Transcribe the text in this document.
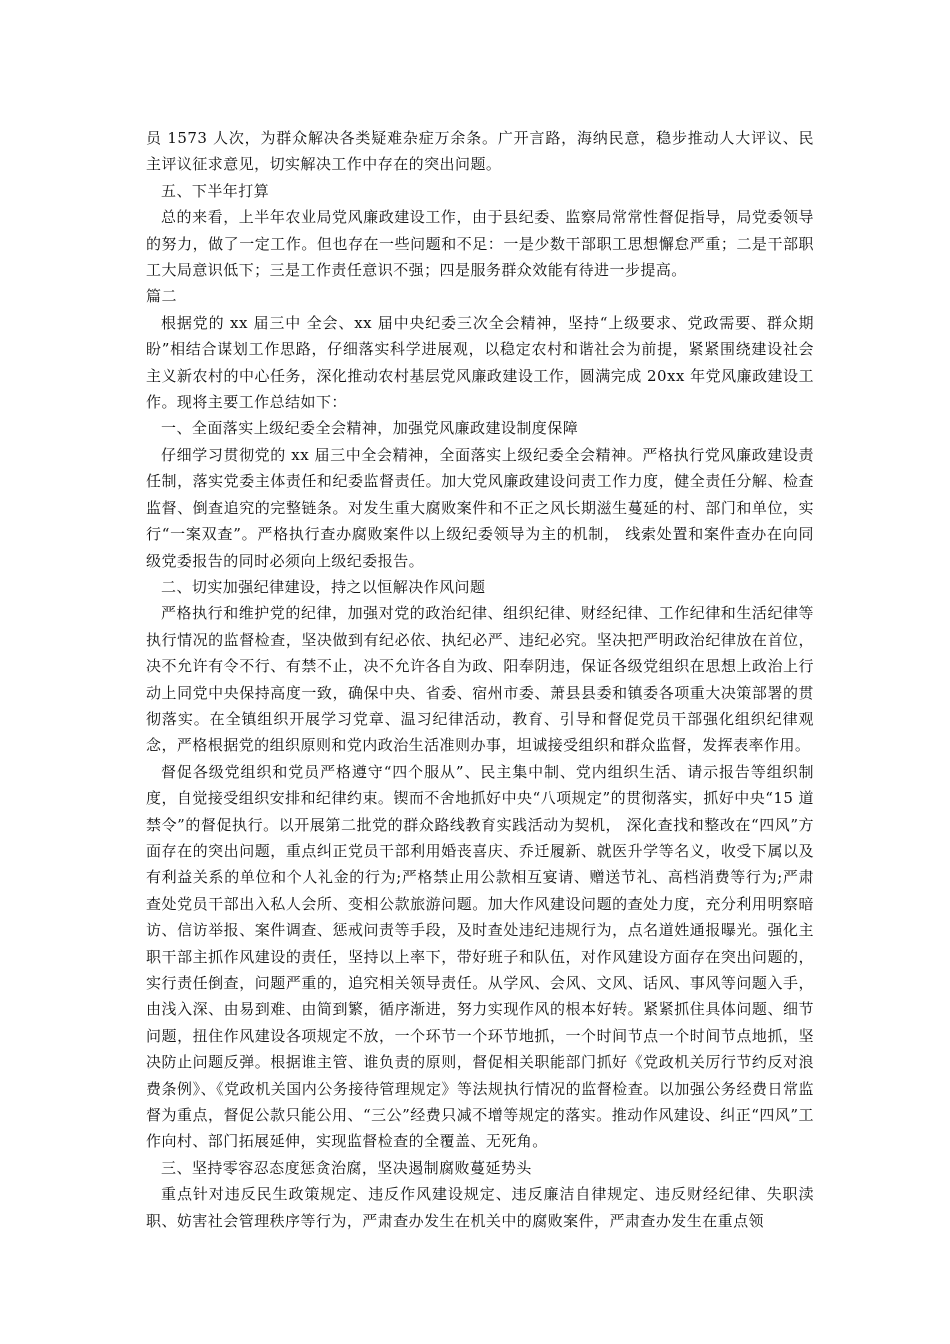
员 1573 人次，为群众解决各类疑难杂症万余条。广开言路，海纳民意，稳步推动人大评议、民主评议征求意见，切实解决工作中存在的突出问题。

五、下半年打算

总的来看，上半年农业局党风廉政建设工作，由于县纪委、监察局常常性督促指导，局党委领导的努力，做了一定工作。但也存在一些问题和不足：一是少数干部职工思想懈怠严重；二是干部职工大局意识低下；三是工作责任意识不强；四是服务群众效能有待进一步提高。

篇二

根据党的 xx 届三中 全会、xx 届中央纪委三次全会精神，坚持“上级要求、党政需要、群众期盼”相结合谋划工作思路，仔细落实科学进展观，以稳定农村和谐社会为前提，紧紧围绕建设社会主义新农村的中心任务，深化推动农村基层党风廉政建设工作，圆满完成 20xx 年党风廉政建设工作。现将主要工作总结如下：

一、全面落实上级纪委全会精神，加强党风廉政建设制度保障

仔细学习贯彻党的 xx 届三中全会精神，全面落实上级纪委全会精神。严格执行党风廉政建设责任制，落实党委主体责任和纪委监督责任。加大党风廉政建设问责工作力度，健全责任分解、检查监督、倒查追究的完整链条。对发生重大腐败案件和不正之风长期滋生蔓延的村、部门和单位，实行“一案双查”。严格执行查办腐败案件以上级纪委领导为主的机制， 线索处置和案件查办在向同级党委报告的同时必须向上级纪委报告。

二、切实加强纪律建设，持之以恒解决作风问题

严格执行和维护党的纪律，加强对党的政治纪律、组织纪律、财经纪律、工作纪律和生活纪律等执行情况的监督检查，坚决做到有纪必依、执纪必严、违纪必究。坚决把严明政治纪律放在首位，决不允许有令不行、有禁不止，决不允许各自为政、阳奉阴违，保证各级党组织在思想上政治上行动上同党中央保持高度一致，确保中央、省委、宿州市委、萧县县委和镇委各项重大决策部署的贯彻落实。在全镇组织开展学习党章、温习纪律活动，教育、引导和督促党员干部强化组织纪律观念，严格根据党的组织原则和党内政治生活准则办事，坦诚接受组织和群众监督，发挥表率作用。

督促各级党组织和党员严格遵守“四个服从”、民主集中制、党内组织生活、请示报告等组织制度，自觉接受组织安排和纪律约束。锲而不舍地抓好中央“八项规定”的贯彻落实，抓好中央“15 道禁令”的督促执行。以开展第二批党的群众路线教育实践活动为契机， 深化查找和整改在“四风”方面存在的突出问题，重点纠正党员干部利用婚丧喜庆、乔迁履新、就医升学等名义，收受下属以及有利益关系的单位和个人礼金的行为;严格禁止用公款相互宴请、赠送节礼、高档消费等行为;严肃查处党员干部出入私人会所、变相公款旅游问题。加大作风建设问题的查处力度，充分利用明察暗访、信访举报、案件调查、惩戒问责等手段，及时查处违纪违规行为，点名道姓通报曝光。强化主职干部主抓作风建设的责任，坚持以上率下，带好班子和队伍，对作风建设方面存在突出问题的，实行责任倒查，问题严重的，追究相关领导责任。从学风、会风、文风、话风、事风等问题入手，由浅入深、由易到难、由简到繁，循序渐进，努力实现作风的根本好转。紧紧抓住具体问题、细节问题，扭住作风建设各项规定不放，一个环节一个环节地抓，一个时间节点一个时间节点地抓，坚决防止问题反弹。根据谁主管、谁负责的原则，督促相关职能部门抓好《党政机关厉行节约反对浪费条例》、《党政机关国内公务接待管理规定》等法规执行情况的监督检查。以加强公务经费日常监督为重点，督促公款只能公用、“三公”经费只减不增等规定的落实。推动作风建设、纠正“四风”工作向村、部门拓展延伸，实现监督检查的全覆盖、无死角。

三、坚持零容忍态度惩贪治腐，坚决遏制腐败蔓延势头

重点针对违反民生政策规定、违反作风建设规定、违反廉洁自律规定、违反财经纪律、失职渎职、妨害社会管理秩序等行为，严肃查办发生在机关中的腐败案件，严肃查办发生在重点领
